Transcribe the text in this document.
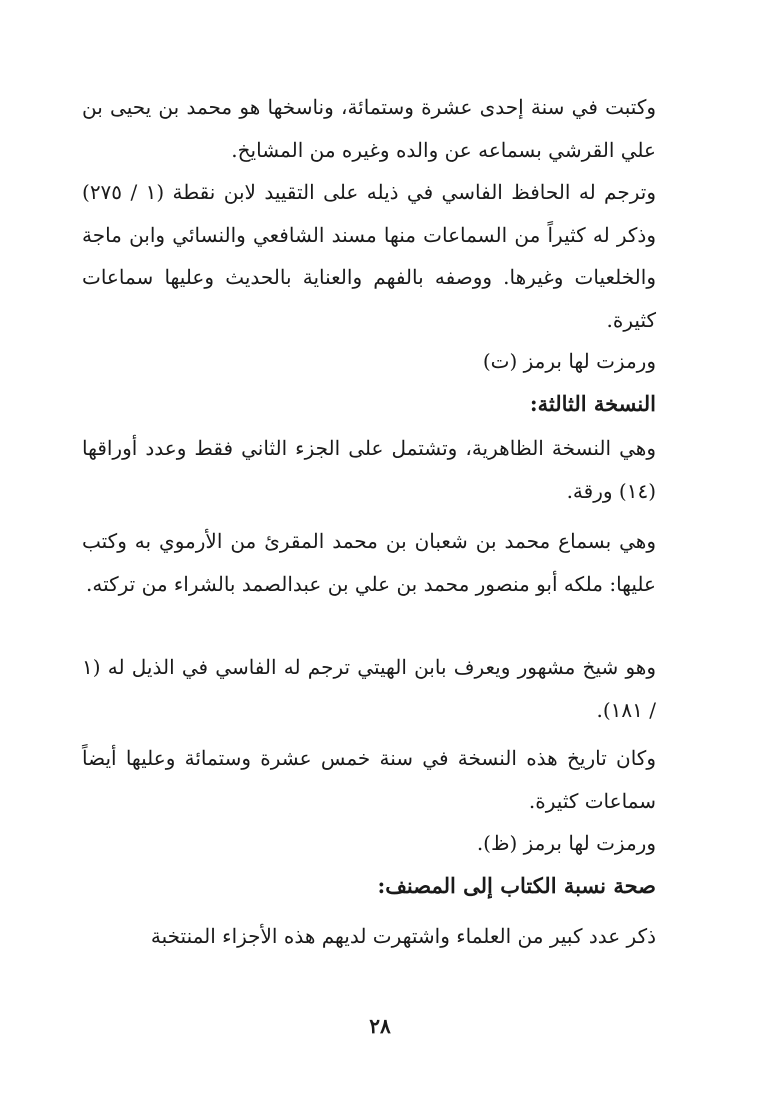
وكتبت في سنة إحدى عشرة وستمائة، وناسخها هو محمد بن يحيى بن علي القرشي بسماعه عن والده وغيره من المشايخ.

وترجم له الحافظ الفاسي في ذيله على التقييد لابن نقطة (١ / ٢٧٥) وذكر له كثيراً من السماعات منها مسند الشافعي والنسائي وابن ماجة والخلعيات وغيرها. ووصفه بالفهم والعناية بالحديث وعليها سماعات كثيرة.

ورمزت لها برمز (ت)

النسخة الثالثة:

وهي النسخة الظاهرية، وتشتمل على الجزء الثاني فقط وعدد أوراقها (١٤) ورقة.

وهي بسماع محمد بن شعبان بن محمد المقرئ من الأرموي به وكتب عليها: ملكه أبو منصور محمد بن علي بن عبدالصمد بالشراء من تركته.

وهو شيخ مشهور ويعرف بابن الهيتي ترجم له الفاسي في الذيل له (١ / ١٨١).

وكان تاريخ هذه النسخة في سنة خمس عشرة وستمائة وعليها أيضاً سماعات كثيرة.

ورمزت لها برمز (ظ).

صحة نسبة الكتاب إلى المصنف:

ذكر عدد كبير من العلماء واشتهرت لديهم هذه الأجزاء المنتخبة

٢٨
